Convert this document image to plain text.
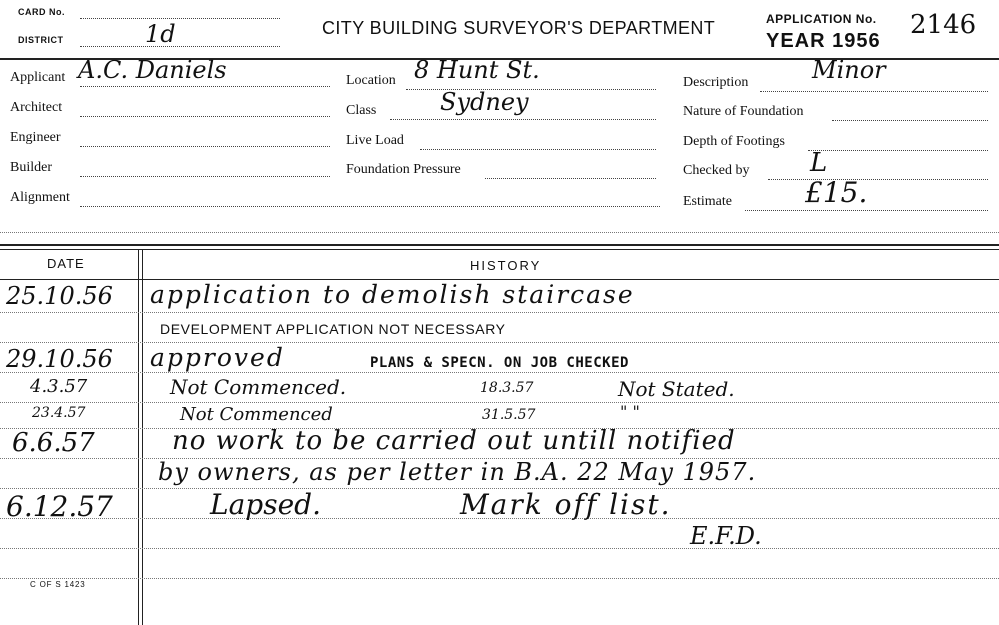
CARD No.
DISTRICT	1d	CITY BUILDING SURVEYOR'S DEPARTMENT	APPLICATION No. 2146
YEAR 1956
Applicant A.C. Daniels
Architect
Engineer
Builder
Alignment
Location 8 Hunt St.
Class	Sydney
Live Load
Foundation Pressure
Description	Minor
Nature of Foundation
Depth of Footings
Checked by L
Estimate	£15.
DATE	HISTORY
25.10.56 application to demolish staircase
DEVELOPMENT APPLICATION NOT NECESSARY
29.10.56 approved	PLANS & SPECN. ON JOB CHECKED
4.3.57	Not Commenced.	18.3.57	Not Stated.
23.4.57	Not Commenced	31.5.57	" "
6.6.57	no work to be carried out untill notified
by owners, as per letter in B.A. 22 May 1957.
6.12.57	Lapsed.	Mark off list.
E.F.D.
C OF S 1423
